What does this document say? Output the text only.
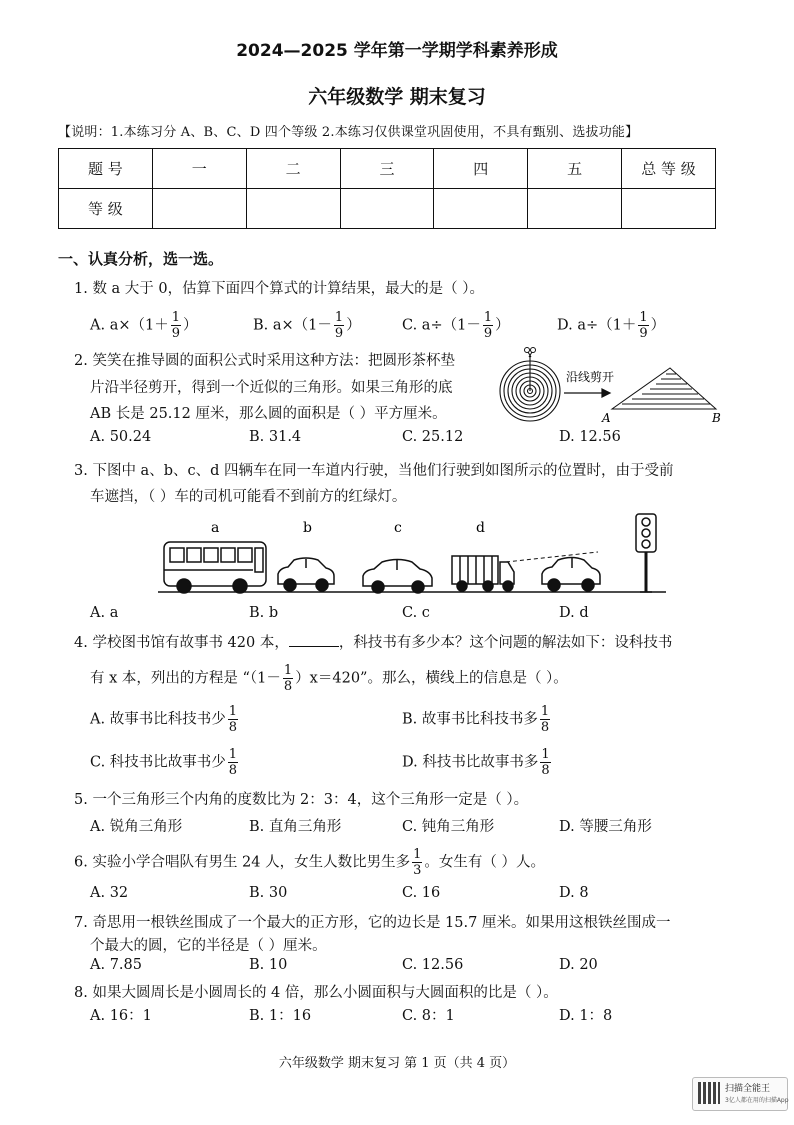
2024—2025 学年第一学期学科素养形成
六年级数学 期末复习
【说明：1.本练习分 A、B、C、D 四个等级 2.本练习仅供课堂巩固使用，不具有甄别、选拔功能】
题 号	一	二	三	四	五	总 等 级
等 级						
一、认真分析，选一选。
1. 数 a 大于 0，估算下面四个算式的计算结果，最大的是（ ）。
A. $a\times(1+ \frac{1}{9}$ ）	B. $a\times(1- \frac{1}{9}$ ）	C. $a\div(1- \frac{1}{9}$ ）	D. $a\div(1+ \frac{1}{9}$ ）
2. 笑笑在推导圆的面积公式时采用这种方法：把圆形茶杯垫
片沿半径剪开，得到一个近似的三角形。如果三角形的底
AB 长是 25.12 厘米，那么圆的面积是（ ）平方厘米。
A. 50.24	B. 31.4	C. 25.12	D. 12.56
沿线剪开
A	B
3. 下图中 a、b、c、d 四辆车在同一车道内行驶，当他们行驶到如图所示的位置时，由于受前
车遮挡，（ ）车的司机可能看不到前方的红绿灯。
a	b	c	d
A. a	B. b	C. c	D. d
4. 学校图书馆有故事书 420 本，	，科技书有多少本？这个问题的解法如下：设科技书
有 x 本，列出的方程是 “$(1- \frac{1}{8} )x=420$”。那么，横线上的信息是（ ）。
A. 故事书比科技书少 $\frac{1}{8}$	B. 故事书比科技书多 $\frac{1}{8}$
C. 科技书比故事书少 $\frac{1}{8}$	D. 科技书比故事书多 $\frac{1}{8}$
5. 一个三角形三个内角的度数比为 2：3：4，这个三角形一定是（ ）。
A. 锐角三角形	B. 直角三角形	C. 钝角三角形	D. 等腰三角形
6. 实验小学合唱队有男生 24 人，女生人数比男生多 $\frac{1}{3}$ 。女生有（ ）人。
A. 32	B. 30	C. 16	D. 8
7. 奇思用一根铁丝围成了一个最大的正方形，它的边长是 15.7 厘米。如果用这根铁丝围成一
个最大的圆，它的半径是（ ）厘米。
A. 7.85	B. 10	C. 12.56	D. 20
8. 如果大圆周长是小圆周长的 4 倍，那么小圆面积与大圆面积的比是（ ）。
A. 16：1	B. 1：16	C. 8：1	D. 1：8
六年级数学 期末复习 第 1 页（共 4 页）
扫描全能王
3亿人都在用的扫描App
